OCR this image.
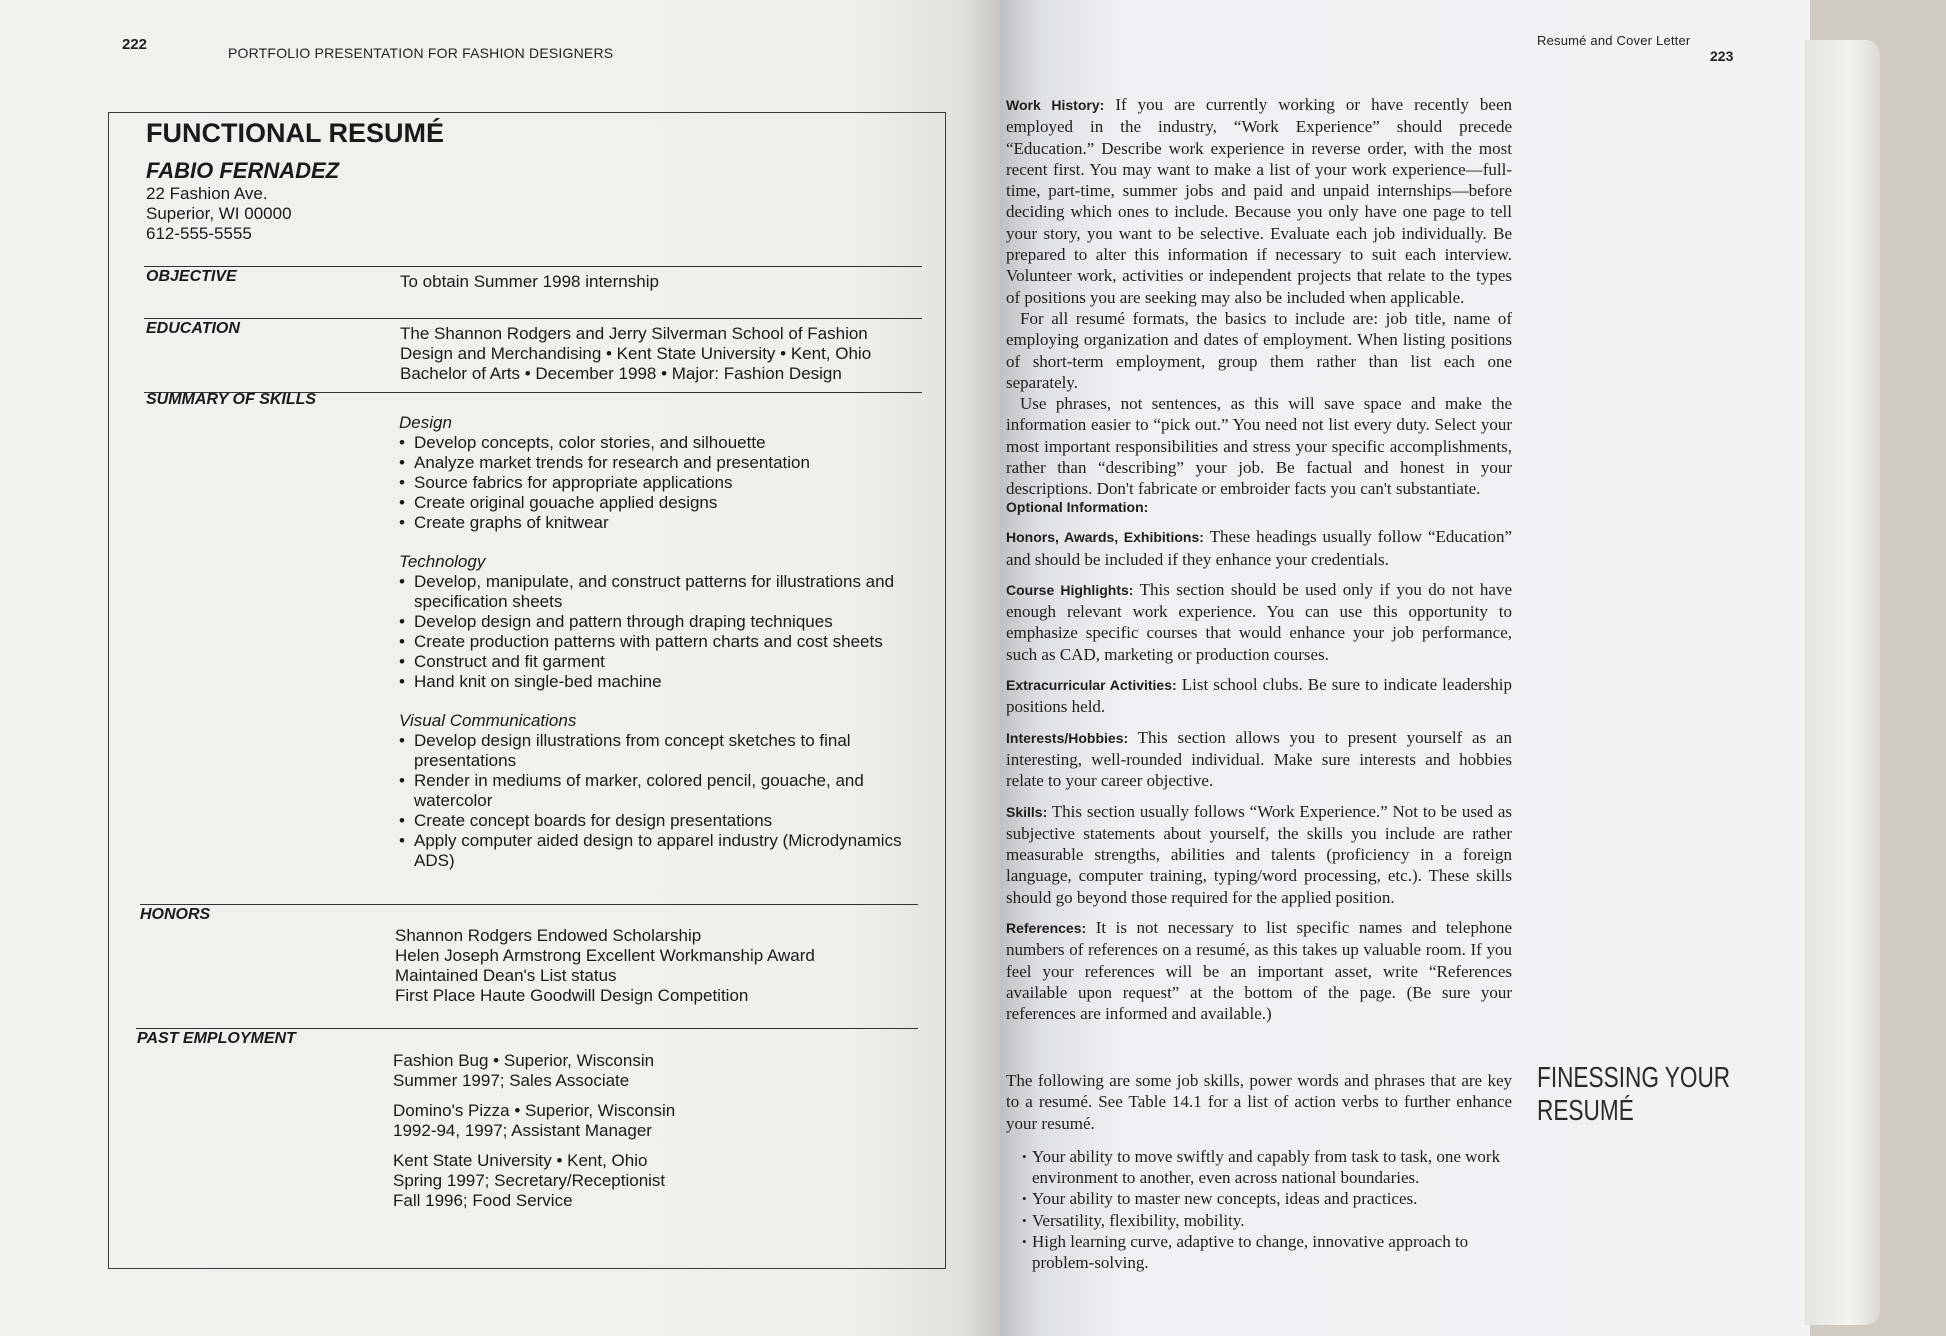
222	PORTFOLIO PRESENTATION FOR FASHION DESIGNERS
FUNCTIONAL RESUMÉ
FABIO FERNADEZ
22 Fashion Ave.
Superior, WI 00000
612-555-5555
OBJECTIVE	To obtain Summer 1998 internship
EDUCATION	The Shannon Rodgers and Jerry Silverman School of Fashion
Design and Merchandising • Kent State University • Kent, Ohio
Bachelor of Arts • December 1998 • Major: Fashion Design
SUMMARY OF SKILLS
Design
• Develop concepts, color stories, and silhouette
• Analyze market trends for research and presentation
• Source fabrics for appropriate applications
• Create original gouache applied designs
• Create graphs of knitwear
Technology
• Develop, manipulate, and construct patterns for illustrations and specification sheets
• Develop design and pattern through draping techniques
• Create production patterns with pattern charts and cost sheets
• Construct and fit garment
• Hand knit on single-bed machine
Visual Communications
• Develop design illustrations from concept sketches to final presentations
• Render in mediums of marker, colored pencil, gouache, and watercolor
• Create concept boards for design presentations
• Apply computer aided design to apparel industry (Microdynamics ADS)
HONORS
Shannon Rodgers Endowed Scholarship
Helen Joseph Armstrong Excellent Workmanship Award
Maintained Dean's List status
First Place Haute Goodwill Design Competition
PAST EMPLOYMENT
Fashion Bug • Superior, Wisconsin
Summer 1997; Sales Associate
Domino's Pizza • Superior, Wisconsin
1992-94, 1997; Assistant Manager
Kent State University • Kent, Ohio
Spring 1997; Secretary/Receptionist
Fall 1996; Food Service
Resumé and Cover Letter
223

Work History: If you are currently working or have recently been employed in the industry, “Work Experience” should precede “Education.” Describe work experience in reverse order, with the most recent first. You may want to make a list of your work experience—full-time, part-time, summer jobs and paid and unpaid internships—before deciding which ones to include. Because you only have one page to tell your story, you want to be selective. Evaluate each job individually. Be prepared to alter this information if necessary to suit each interview. Volunteer work, activities or independent projects that relate to the types of positions you are seeking may also be included when applicable.

For all resumé formats, the basics to include are: job title, name of employing organization and dates of employment. When listing positions of short-term employment, group them rather than list each one separately.

Use phrases, not sentences, as this will save space and make the information easier to “pick out.” You need not list every duty. Select your most important responsibilities and stress your specific accomplishments, rather than “describing” your job. Be factual and honest in your descriptions. Don't fabricate or embroider facts you can't substantiate.

Optional Information:

Honors, Awards, Exhibitions: These headings usually follow “Education” and should be included if they enhance your credentials.

Course Highlights: This section should be used only if you do not have enough relevant work experience. You can use this opportunity to emphasize specific courses that would enhance your job performance, such as CAD, marketing or production courses.

Extracurricular Activities: List school clubs. Be sure to indicate leadership positions held.

Interests/Hobbies: This section allows you to present yourself as an interesting, well-rounded individual. Make sure interests and hobbies relate to your career objective.

Skills: This section usually follows “Work Experience.” Not to be used as subjective statements about yourself, the skills you include are rather measurable strengths, abilities and talents (proficiency in a foreign language, computer training, typing/word processing, etc.). These skills should go beyond those required for the applied position.

References: It is not necessary to list specific names and telephone numbers of references on a resumé, as this takes up valuable room. If you feel your references will be an important asset, write “References available upon request” at the bottom of the page. (Be sure your references are informed and available.)

The following are some job skills, power words and phrases that are key to a resumé. See Table 14.1 for a list of action verbs to further enhance your resumé.

• Your ability to move swiftly and capably from task to task, one work environment to another, even across national boundaries.
• Your ability to master new concepts, ideas and practices.
• Versatility, flexibility, mobility.
• High learning curve, adaptive to change, innovative approach to problem-solving.
FINESSING YOUR
RESUMÉ
